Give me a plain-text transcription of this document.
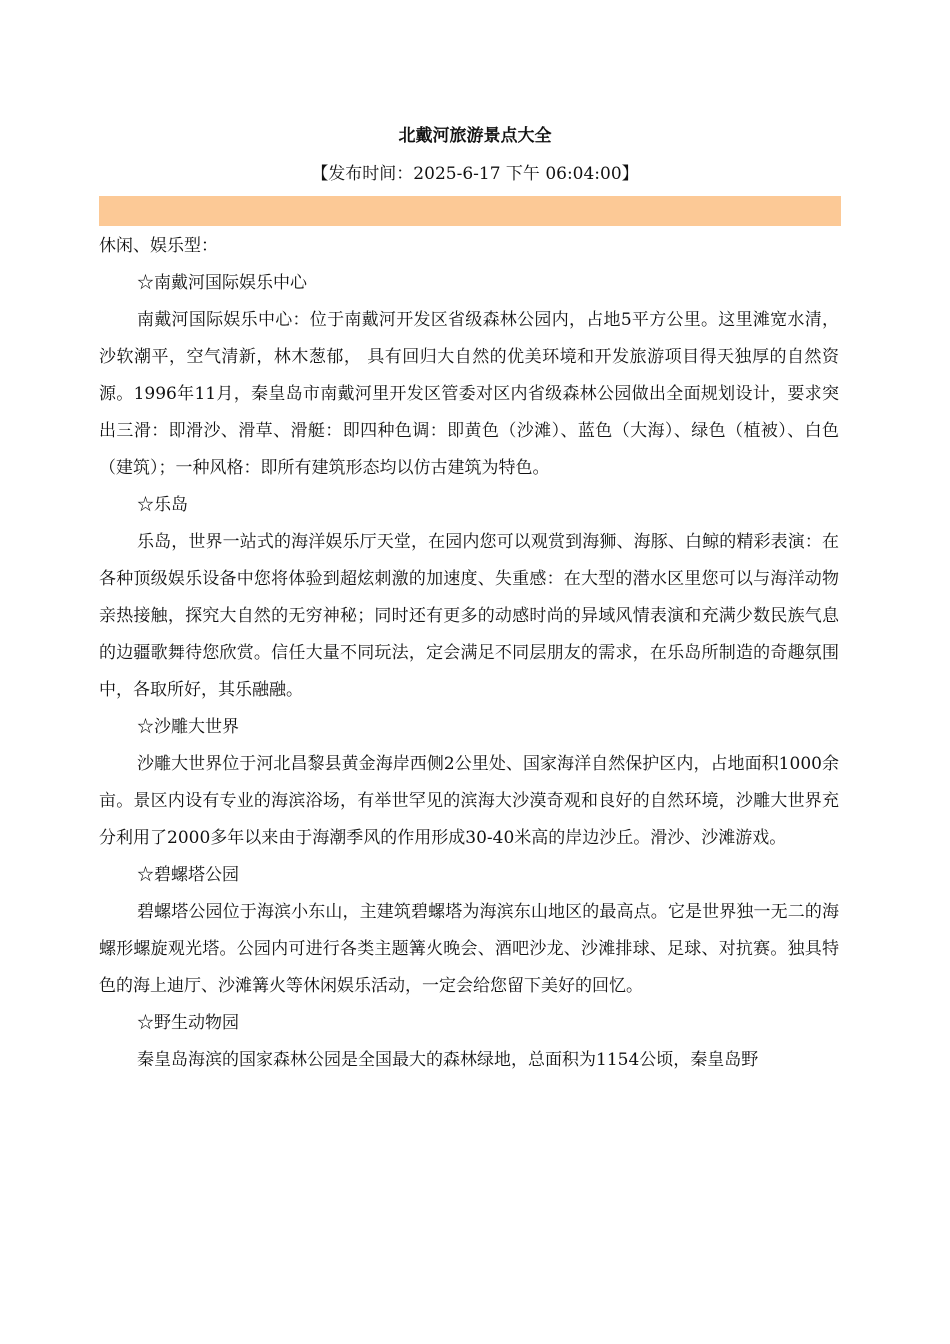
北戴河旅游景点大全
【发布时间：2025-6-17 下午 06:04:00】

休闲、娱乐型：

☆南戴河国际娱乐中心

南戴河国际娱乐中心：位于南戴河开发区省级森林公园内，占地5平方公里。这里滩宽水清，沙软潮平，空气清新，林木葱郁， 具有回归大自然的优美环境和开发旅游项目得天独厚的自然资源。1996年11月，秦皇岛市南戴河里开发区管委对区内省级森林公园做出全面规划设计，要求突出三滑：即滑沙、滑草、滑艇：即四种色调：即黄色（沙滩）、蓝色（大海）、绿色（植被）、白色（建筑）；一种风格：即所有建筑形态均以仿古建筑为特色。

☆乐岛

乐岛，世界一站式的海洋娱乐厅天堂，在园内您可以观赏到海狮、海豚、白鲸的精彩表演：在各种顶级娱乐设备中您将体验到超炫刺激的加速度、失重感：在大型的潜水区里您可以与海洋动物亲热接触，探究大自然的无穷神秘；同时还有更多的动感时尚的异域风情表演和充满少数民族气息的边疆歌舞待您欣赏。信任大量不同玩法，定会满足不同层朋友的需求，在乐岛所制造的奇趣氛围中，各取所好，其乐融融。

☆沙雕大世界

沙雕大世界位于河北昌黎县黄金海岸西侧2公里处、国家海洋自然保护区内，占地面积1000余亩。景区内设有专业的海滨浴场，有举世罕见的滨海大沙漠奇观和良好的自然环境，沙雕大世界充分利用了2000多年以来由于海潮季风的作用形成30-40米高的岸边沙丘。滑沙、沙滩游戏。

☆碧螺塔公园

碧螺塔公园位于海滨小东山，主建筑碧螺塔为海滨东山地区的最高点。它是世界独一无二的海螺形螺旋观光塔。公园内可进行各类主题篝火晚会、酒吧沙龙、沙滩排球、足球、对抗赛。独具特色的海上迪厅、沙滩篝火等休闲娱乐活动，一定会给您留下美好的回忆。

☆野生动物园

秦皇岛海滨的国家森林公园是全国最大的森林绿地，总面积为1154公顷，秦皇岛野
